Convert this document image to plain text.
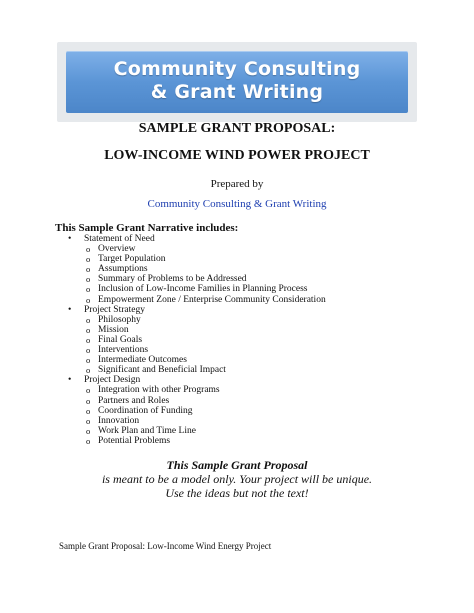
Community Consulting
& Grant Writing
SAMPLE GRANT PROPOSAL:
LOW-INCOME WIND POWER PROJECT
Prepared by
Community Consulting & Grant Writing
This Sample Grant Narrative includes:
• Statement of Need
o Overview
o Target Population
o Assumptions
o Summary of Problems to be Addressed
o Inclusion of Low-Income Families in Planning Process
o Empowerment Zone / Enterprise Community Consideration
• Project Strategy
o Philosophy
o Mission
o Final Goals
o Interventions
o Intermediate Outcomes
o Significant and Beneficial Impact
• Project Design
o Integration with other Programs
o Partners and Roles
o Coordination of Funding
o Innovation
o Work Plan and Time Line
o Potential Problems
This Sample Grant Proposal
is meant to be a model only. Your project will be unique.
Use the ideas but not the text!
Sample Grant Proposal: Low-Income Wind Energy Project
